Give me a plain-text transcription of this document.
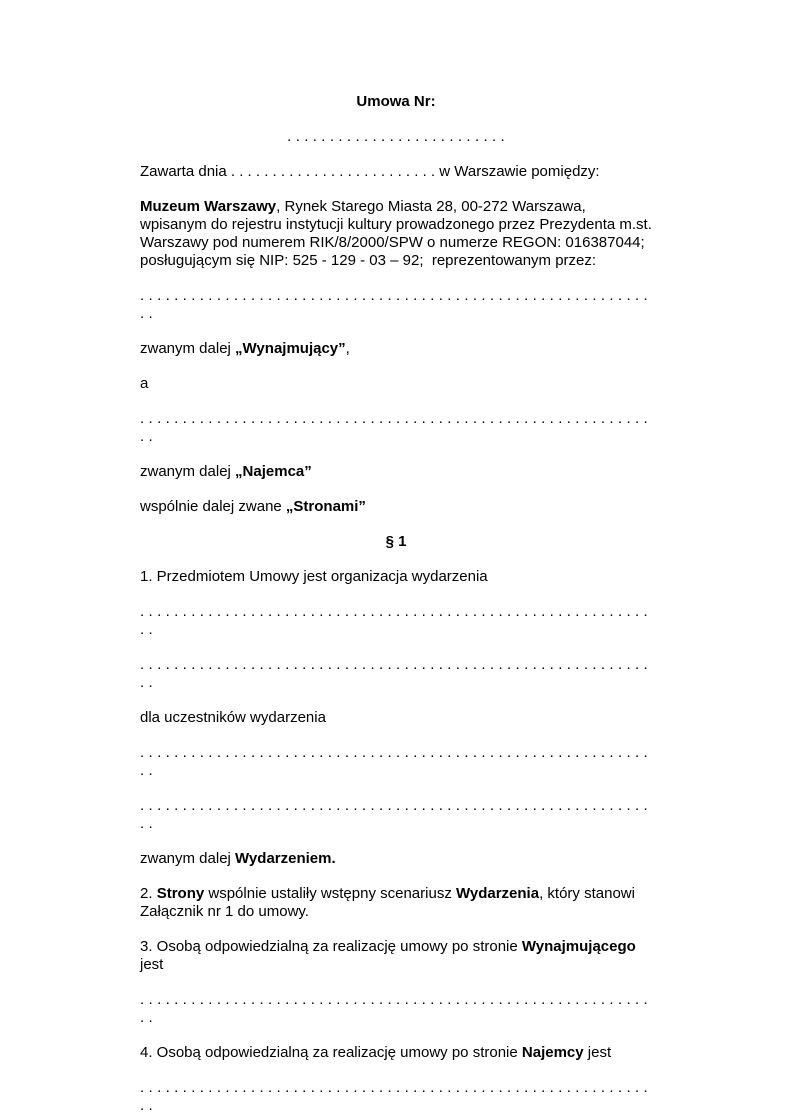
Umowa Nr:

. . . . . . . . . . . . . . . . . . . . . . . . . .

Zawarta dnia . . . . . . . . . . . . . . . . . . . . . . . . . w Warszawie pomiędzy:

Muzeum Warszawy, Rynek Starego Miasta 28, 00-272 Warszawa, wpisanym do rejestru instytucji kultury prowadzonego przez Prezydenta m.st. Warszawy pod numerem RIK/8/2000/SPW o numerze REGON: 016387044; posługującym się NIP: 525 - 129 - 03 – 92;  reprezentowanym przez:

. . . . . . . . . . . . . . . . . . . . . . . . . . . . . . . . . . . . . . . . . . . . . . . . . . . . . . . . . . . . . .

zwanym dalej „Wynajmujący”,

a

. . . . . . . . . . . . . . . . . . . . . . . . . . . . . . . . . . . . . . . . . . . . . . . . . . . . . . . . . . . . . .

zwanym dalej „Najemca”

wspólnie dalej zwane „Stronami”

§ 1

1. Przedmiotem Umowy jest organizacja wydarzenia

. . . . . . . . . . . . . . . . . . . . . . . . . . . . . . . . . . . . . . . . . . . . . . . . . . . . . . . . . . . . . .

. . . . . . . . . . . . . . . . . . . . . . . . . . . . . . . . . . . . . . . . . . . . . . . . . . . . . . . . . . . . . .

dla uczestników wydarzenia

. . . . . . . . . . . . . . . . . . . . . . . . . . . . . . . . . . . . . . . . . . . . . . . . . . . . . . . . . . . . . .

. . . . . . . . . . . . . . . . . . . . . . . . . . . . . . . . . . . . . . . . . . . . . . . . . . . . . . . . . . . . . .

zwanym dalej Wydarzeniem.

2. Strony wspólnie ustaliły wstępny scenariusz Wydarzenia, który stanowi Załącznik nr 1 do umowy.

3. Osobą odpowiedzialną za realizację umowy po stronie Wynajmującego jest

. . . . . . . . . . . . . . . . . . . . . . . . . . . . . . . . . . . . . . . . . . . . . . . . . . . . . . . . . . . . . .

4. Osobą odpowiedzialną za realizację umowy po stronie Najemcy jest

. . . . . . . . . . . . . . . . . . . . . . . . . . . . . . . . . . . . . . . . . . . . . . . . . . . . . . . . . . . . . .
